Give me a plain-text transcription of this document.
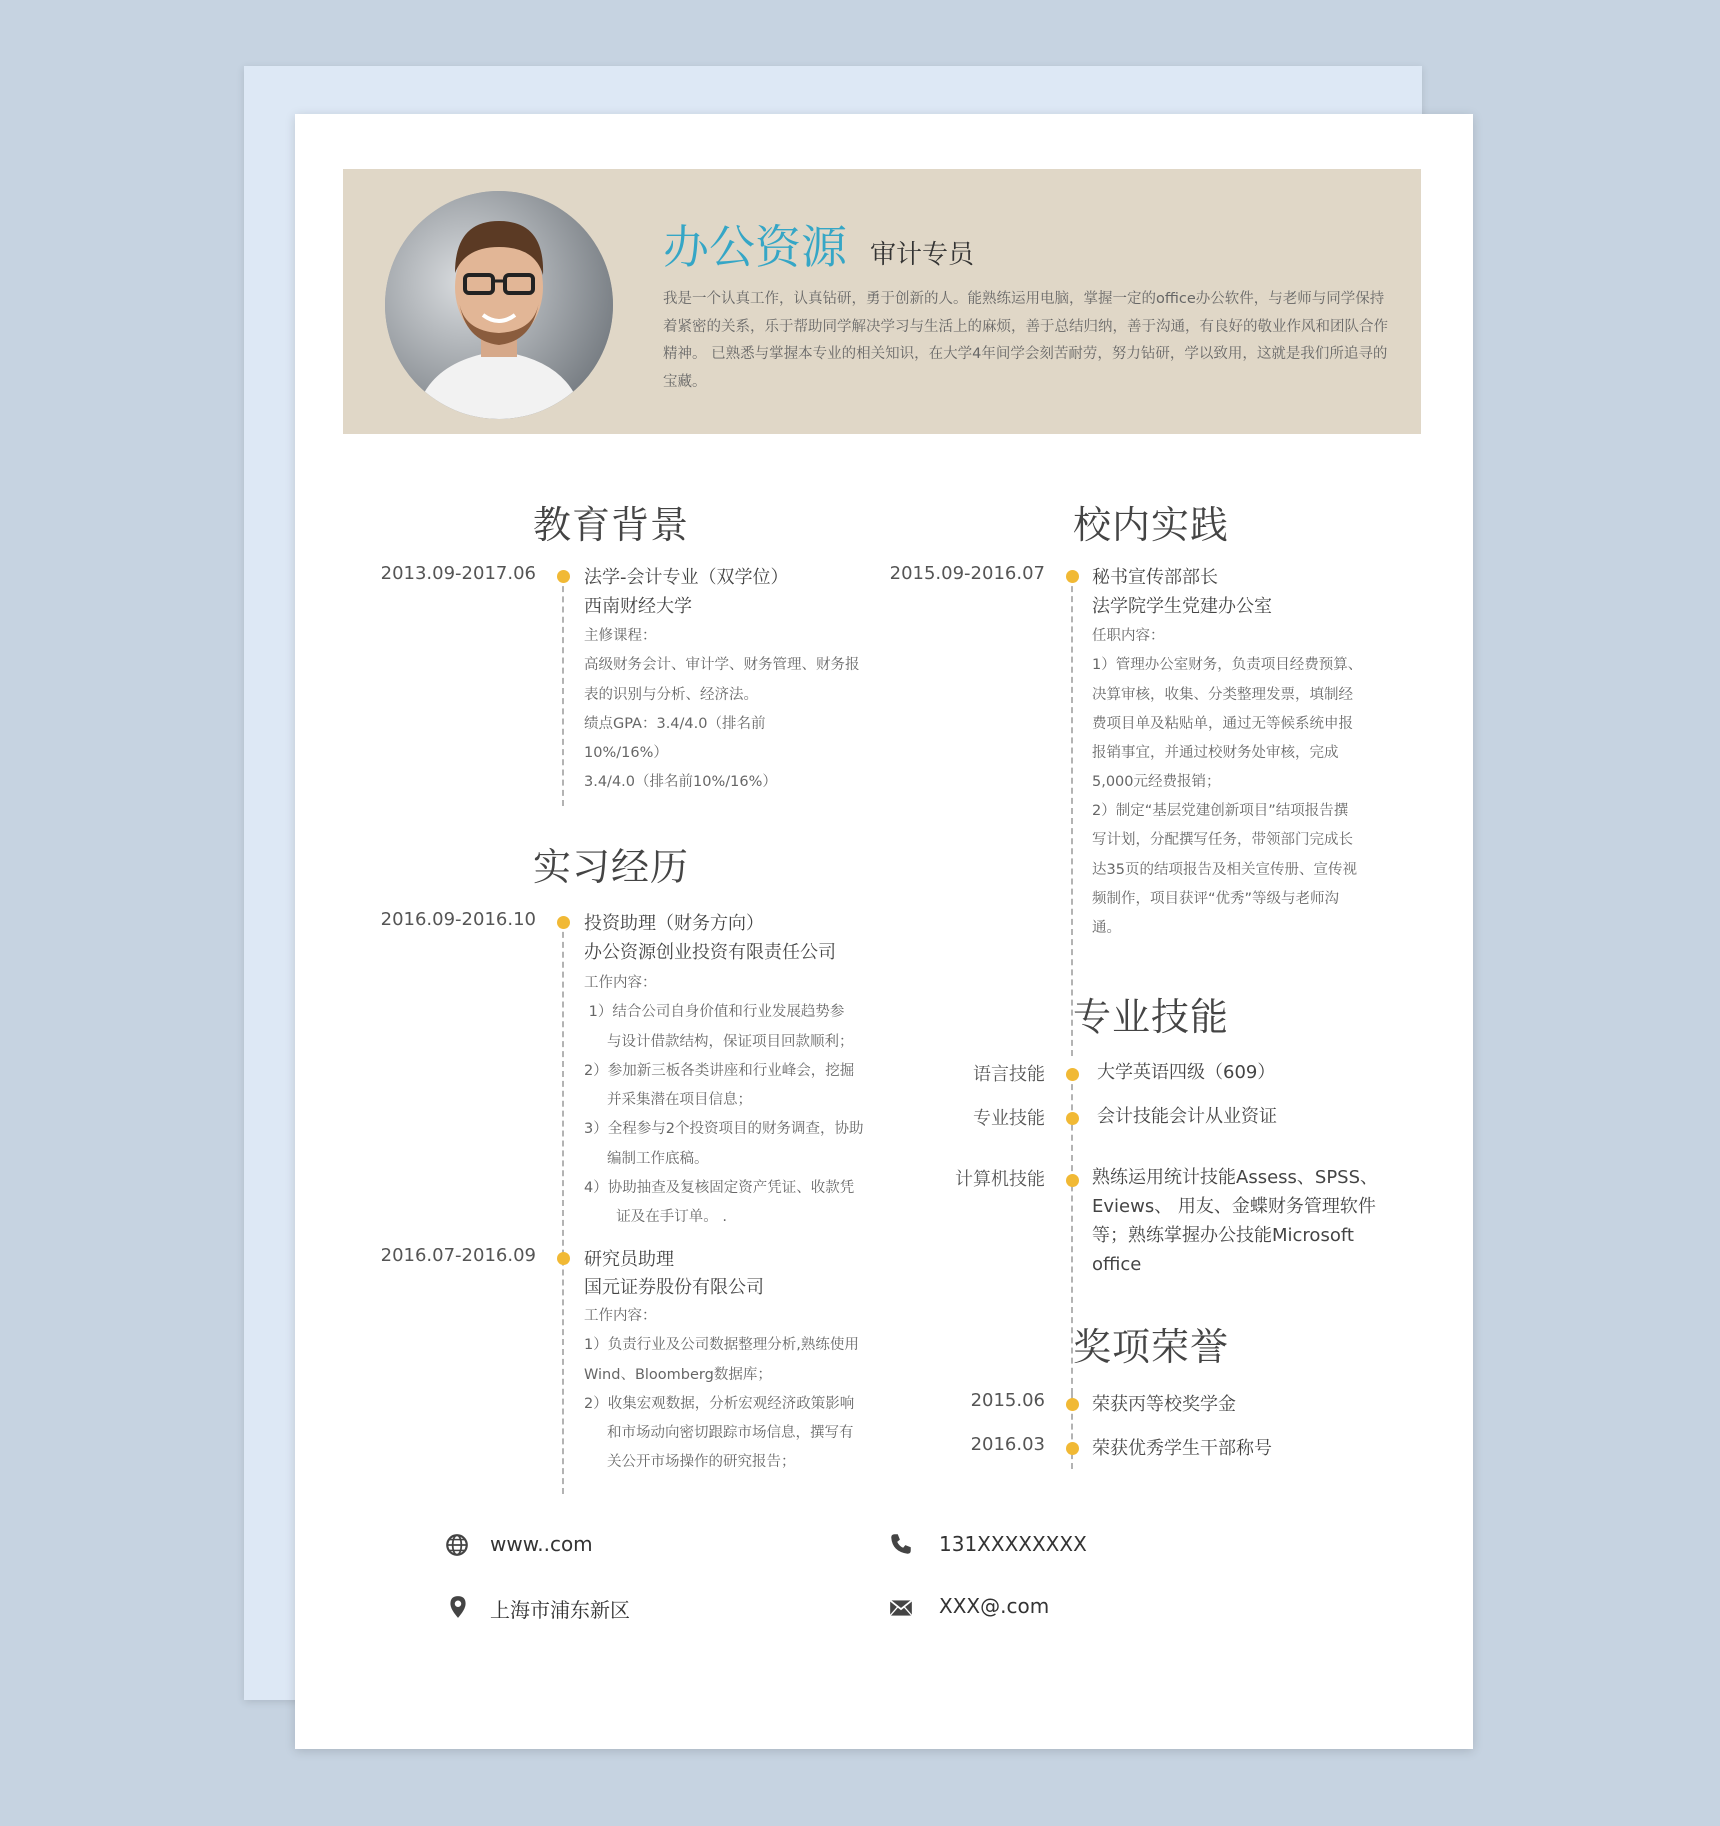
办公资源 审计专员
我是一个认真工作，认真钻研，勇于创新的人。能熟练运用电脑，掌握一定的office办公软件，与老师与同学保持着紧密的关系，乐于帮助同学解决学习与生活上的麻烦，善于总结归纳，善于沟通，有良好的敬业作风和团队合作精神。 已熟悉与掌握本专业的相关知识，在大学4年间学会刻苦耐劳，努力钻研，学以致用，这就是我们所追寻的宝藏。
教育背景
2013.09-2017.06	法学-会计专业（双学位）
西南财经大学
主修课程：
高级财务会计、审计学、财务管理、财务报
表的识别与分析、经济法。
绩点GPA：3.4/4.0（排名前
10%/16%）
3.4/4.0（排名前10%/16%）
实习经历
2016.09-2016.10	投资助理（财务方向）
办公资源创业投资有限责任公司
工作内容：
1）结合公司自身价值和行业发展趋势参
与设计借款结构，保证项目回款顺利；
2）参加新三板各类讲座和行业峰会，挖掘
并采集潜在项目信息；
3）全程参与2个投资项目的财务调查，协助
编制工作底稿。
4）协助抽查及复核固定资产凭证、收款凭
证及在手订单。 .
2016.07-2016.09	研究员助理
国元证券股份有限公司
工作内容：
1）负责行业及公司数据整理分析,熟练使用
Wind、Bloomberg数据库；
2）收集宏观数据，分析宏观经济政策影响
和市场动向密切跟踪市场信息，撰写有
关公开市场操作的研究报告；
校内实践
2015.09-2016.07	秘书宣传部部长
法学院学生党建办公室
任职内容：
1）管理办公室财务，负责项目经费预算、
决算审核，收集、分类整理发票，填制经
费项目单及粘贴单，通过无等候系统申报
报销事宜，并通过校财务处审核，完成
5,000元经费报销；
2）制定“基层党建创新项目”结项报告撰
写计划，分配撰写任务，带领部门完成长
达35页的结项报告及相关宣传册、宣传视
频制作，项目获评“优秀”等级与老师沟
通。
专业技能
语言技能	大学英语四级（609）
专业技能	会计技能会计从业资证
计算机技能	熟练运用统计技能Assess、SPSS、Eviews、 用友、金蝶财务管理软件等；熟练掌握办公技能Microsoft office
奖项荣誉
2015.06	荣获丙等校奖学金
2016.03	荣获优秀学生干部称号
www..com	131XXXXXXXX
上海市浦东新区	XXX@.com
